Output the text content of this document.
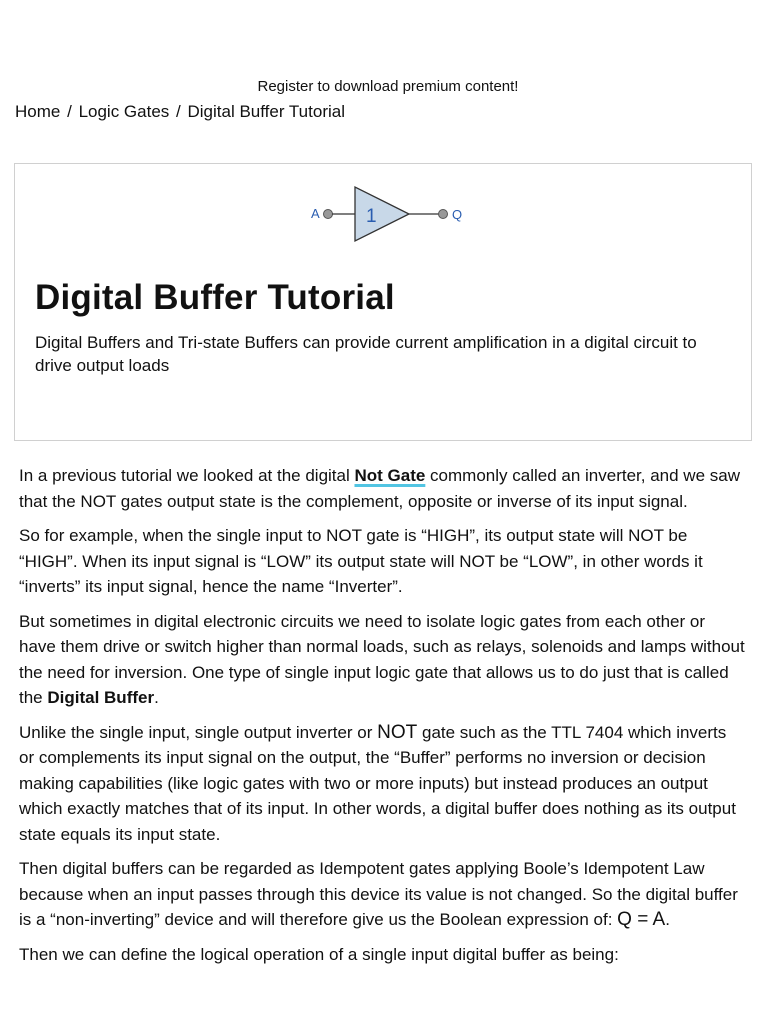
Register to download premium content!
Home / Logic Gates / Digital Buffer Tutorial
A 1	Q
Digital Buffer Tutorial

Digital Buffers and Tri-state Buffers can provide current amplification in a digital circuit to drive output loads

In a previous tutorial we looked at the digital Not Gate commonly called an inverter, and we saw that the NOT gates output state is the complement, opposite or inverse of its input signal.

So for example, when the single input to NOT gate is “HIGH”, its output state will NOT be “HIGH”. When its input signal is “LOW” its output state will NOT be “LOW”, in other words it “inverts” its input signal, hence the name “Inverter”.

But sometimes in digital electronic circuits we need to isolate logic gates from each other or have them drive or switch higher than normal loads, such as relays, solenoids and lamps without the need for inversion. One type of single input logic gate that allows us to do just that is called the Digital Buffer.

Unlike the single input, single output inverter or NOT gate such as the TTL 7404 which inverts or complements its input signal on the output, the “Buffer” performs no inversion or decision making capabilities (like logic gates with two or more inputs) but instead produces an output which exactly matches that of its input. In other words, a digital buffer does nothing as its output state equals its input state.

Then digital buffers can be regarded as Idempotent gates applying Boole’s Idempotent Law because when an input passes through this device its value is not changed. So the digital buffer is a “non-inverting” device and will therefore give us the Boolean expression of: Q = A.

Then we can define the logical operation of a single input digital buffer as being:
